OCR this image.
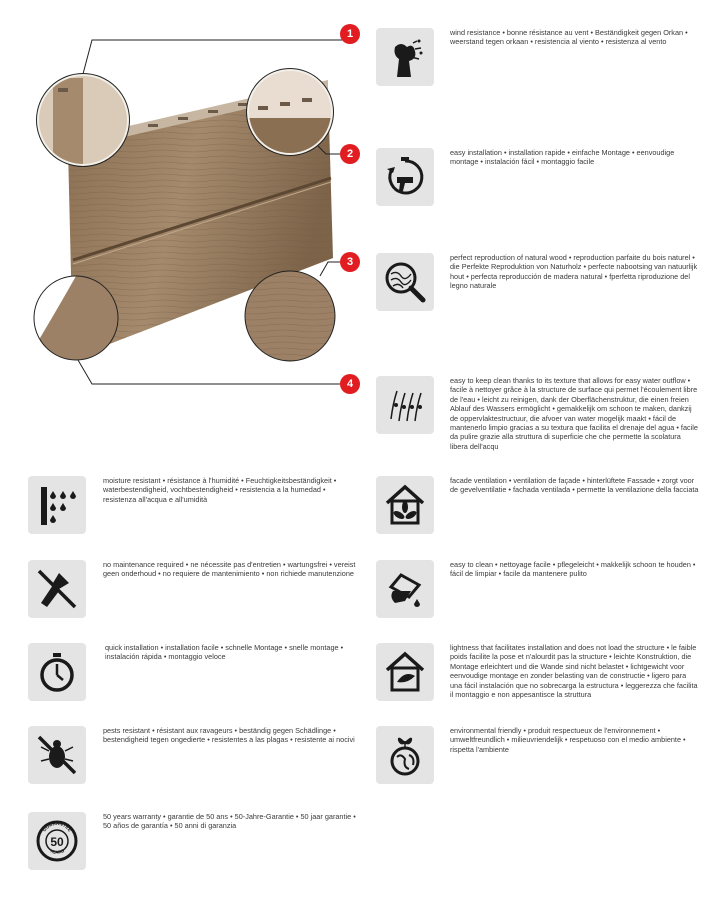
1
2
3
4
wind resistance • bonne résistance au vent • Beständigkeit gegen Orkan • weerstand tegen orkaan • resistencia al viento • resistenza al vento
easy installation • installation rapide • einfache Montage • eenvoudige montage • instalación fácil • montaggio facile
perfect reproduction of natural wood • reproduction parfaite du bois naturel • die Perfekte Reproduktion von Naturholz • perfecte nabootsing van natuurlijk hout • perfecta reproducción de madera natural • fperfetta riproduzione del legno naturale
easy to keep clean thanks to its texture that allows for easy water outflow • facile à nettoyer grâce à la structure de surface qui permet l'écoulement libre de l'eau • leicht zu reinigen, dank der Oberflächenstruktur, die einen freien Ablauf des Wassers ermöglicht • gemakkelijk om schoon te maken, dankzij de oppervlaktestructuur, die afvoer van water mogelijk maakt • fácil de mantenerlo limpio gracias a su textura que facilita el drenaje del agua • facile da pulire grazie alla struttura di superficie che che permette la scolatura libera dell'acqu
moisture resistant • résistance à l'humidité • Feuchtigkeitsbeständigkeit • waterbestendigheid, vochtbestendigheid • resistencia a la humedad • resistenza all'acqua e all'umidità
facade ventilation • ventilation de façade • hinterlüftete Fassade • zorgt voor de gevelventilatie • fachada ventilada • permette la ventilazione della facciata
no maintenance required • ne nécessite pas d'entretien • wartungsfrei • vereist geen onderhoud • no requiere de mantenimiento • non richiede manutenzione
easy to clean • nettoyage facile • pflegeleicht • makkelijk schoon te houden • fácil de limpiar • facile da mantenere pulito
quick installation • installation facile • schnelle Montage • snelle montage • instalación rápida • montaggio veloce
lightness that facilitates installation and does not load the structure • le faible poids facilite la pose et n'alourdit pas la structure • leichte Konstruktion, die Montage erleichtert und die Wande sind nicht belastet • lichtgewicht voor eenvoudige montage en zonder belasting van de constructie • ligero para una fácil instalación que no sobrecarga la estructura • leggerezza che facilita il montaggio e non appesantisce la struttura
pests resistant • résistant aux ravageurs • beständig gegen Schädlinge • bestendigheid tegen ongedierte • resistentes a las plagas • resistente ai nocivi
environmental friendly • produit respectueux de l'environnement • umweltfreundlich • milieuvriendelijk • respetuoso con el medio ambiente • rispetta l'ambiente
GUARANTEE
YEARS
50
50 years warranty • garantie de 50 ans • 50-Jahre-Garantie • 50 jaar garantie • 50 años de garantía • 50 anni di garanzia
